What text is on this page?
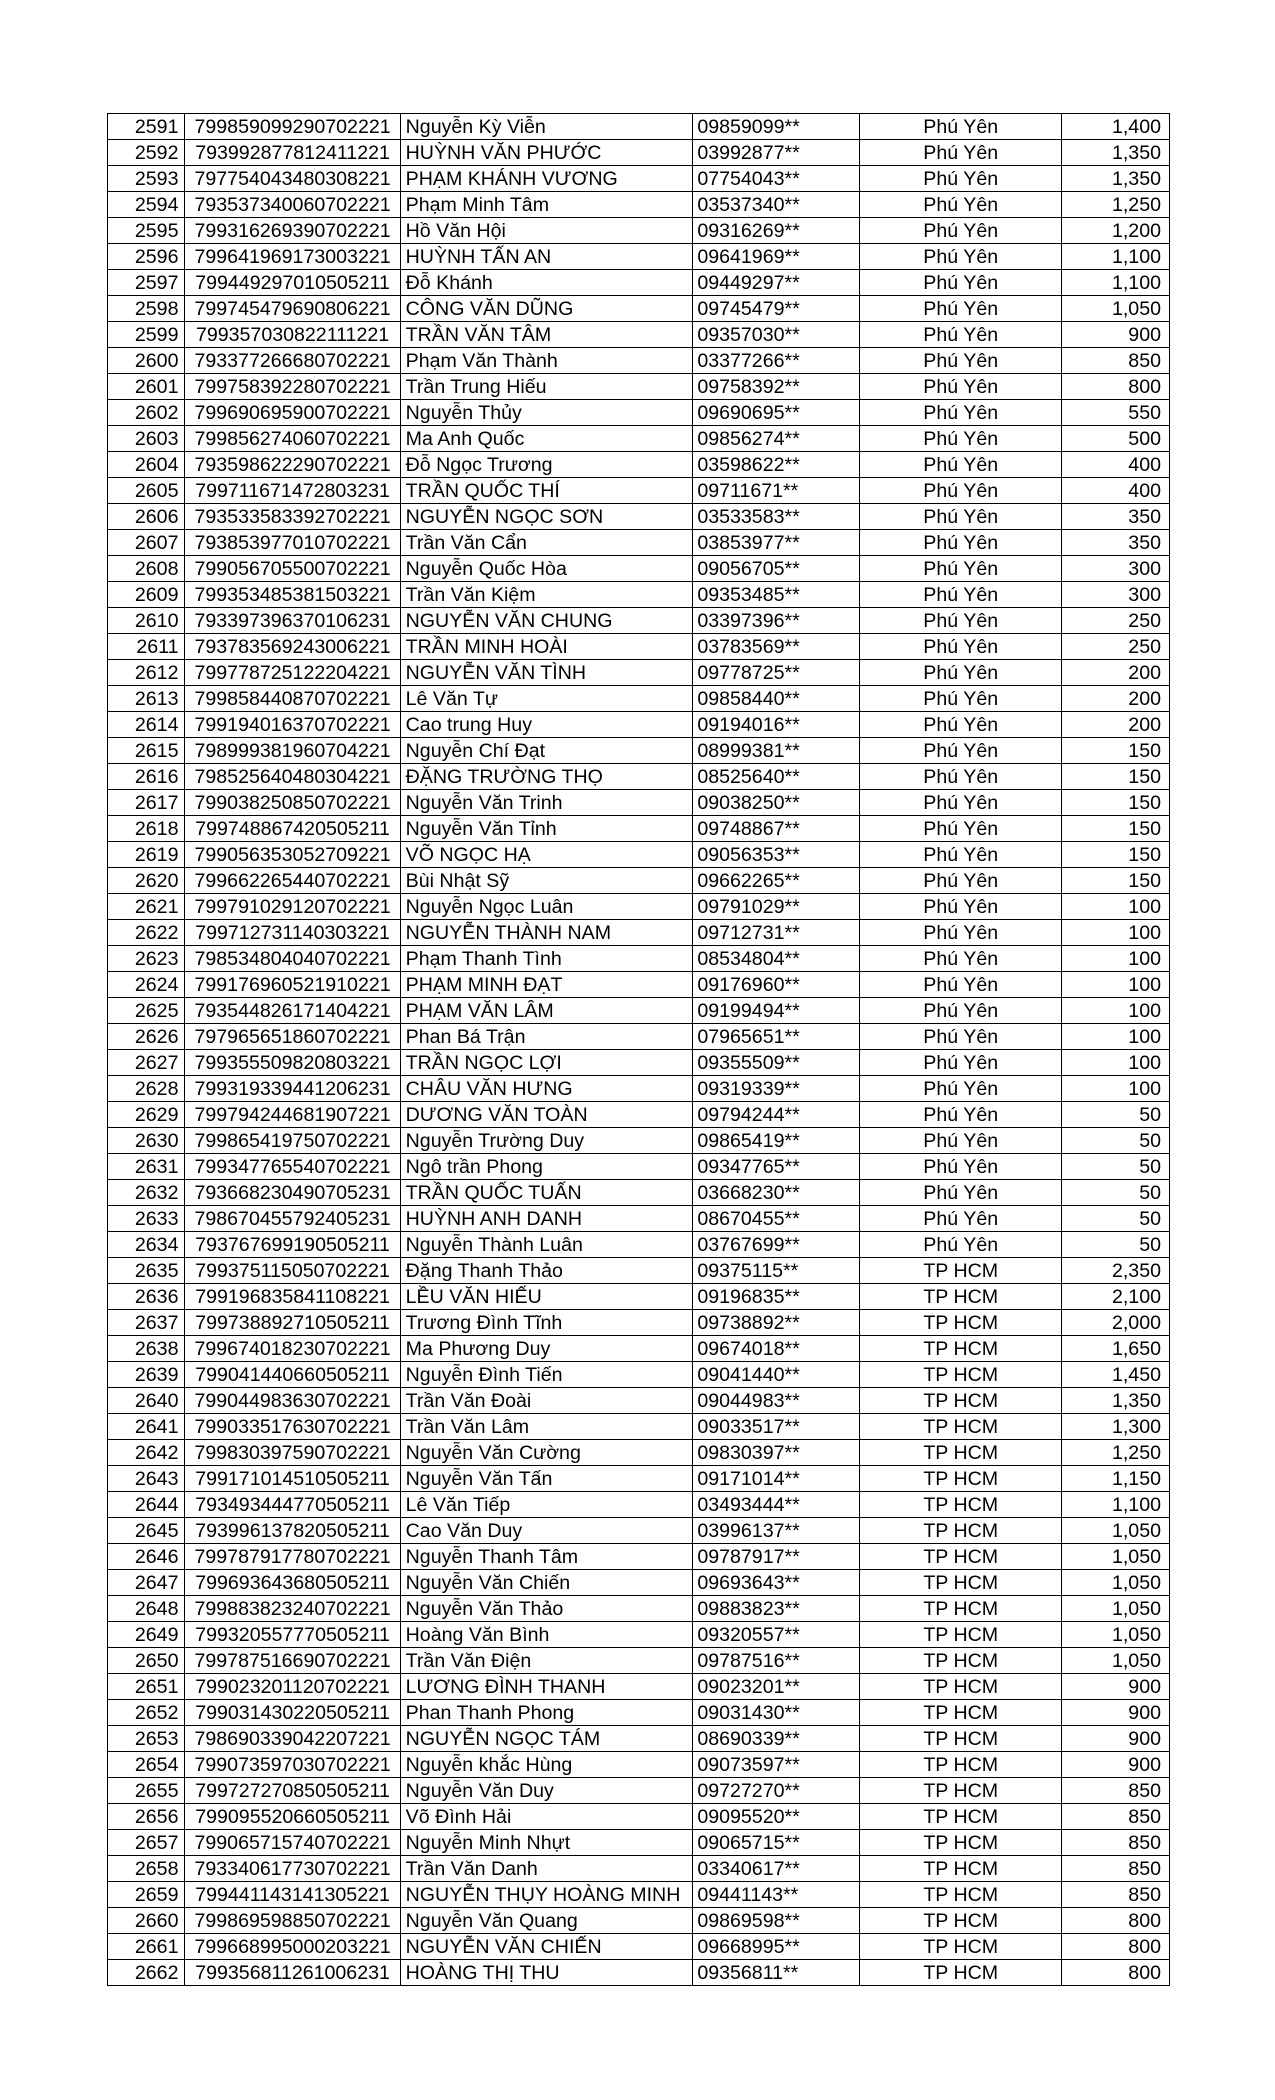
2591	799859099290702221	Nguyễn Kỳ Viễn	09859099**	Phú Yên	1,400
2592	793992877812411221	HUỲNH VĂN PHƯỚC	03992877**	Phú Yên	1,350
2593	797754043480308221	PHẠM KHÁNH VƯƠNG	07754043**	Phú Yên	1,350
2594	793537340060702221	Phạm Minh Tâm	03537340**	Phú Yên	1,250
2595	799316269390702221	Hồ Văn Hội	09316269**	Phú Yên	1,200
2596	799641969173003221	HUỲNH TẤN AN	09641969**	Phú Yên	1,100
2597	799449297010505211	Đỗ Khánh	09449297**	Phú Yên	1,100
2598	799745479690806221	CÔNG VĂN DŨNG	09745479**	Phú Yên	1,050
2599	799357030822111221	TRẦN VĂN TÂM	09357030**	Phú Yên	900
2600	793377266680702221	Phạm Văn Thành	03377266**	Phú Yên	850
2601	799758392280702221	Trần Trung Hiếu	09758392**	Phú Yên	800
2602	799690695900702221	Nguyễn Thủy	09690695**	Phú Yên	550
2603	799856274060702221	Ma Anh Quốc	09856274**	Phú Yên	500
2604	793598622290702221	Đỗ Ngọc Trương	03598622**	Phú Yên	400
2605	799711671472803231	TRẦN QUỐC THÍ	09711671**	Phú Yên	400
2606	793533583392702221	NGUYỄN NGỌC SƠN	03533583**	Phú Yên	350
2607	793853977010702221	Trần Văn Cẩn	03853977**	Phú Yên	350
2608	799056705500702221	Nguyễn Quốc Hòa	09056705**	Phú Yên	300
2609	799353485381503221	Trần Văn Kiệm	09353485**	Phú Yên	300
2610	793397396370106231	NGUYỄN VĂN CHUNG	03397396**	Phú Yên	250
2611	793783569243006221	TRẦN MINH HOÀI	03783569**	Phú Yên	250
2612	799778725122204221	NGUYỄN VĂN TÌNH	09778725**	Phú Yên	200
2613	799858440870702221	Lê Văn Tự	09858440**	Phú Yên	200
2614	799194016370702221	Cao trung Huy	09194016**	Phú Yên	200
2615	798999381960704221	Nguyễn Chí Đạt	08999381**	Phú Yên	150
2616	798525640480304221	ĐẶNG TRƯỜNG THỌ	08525640**	Phú Yên	150
2617	799038250850702221	Nguyễn Văn Trinh	09038250**	Phú Yên	150
2618	799748867420505211	Nguyễn Văn Tỉnh	09748867**	Phú Yên	150
2619	799056353052709221	VÕ NGỌC HẠ	09056353**	Phú Yên	150
2620	799662265440702221	Bùi Nhật Sỹ	09662265**	Phú Yên	150
2621	799791029120702221	Nguyễn Ngọc Luân	09791029**	Phú Yên	100
2622	799712731140303221	NGUYỄN THÀNH NAM	09712731**	Phú Yên	100
2623	798534804040702221	Phạm Thanh Tình	08534804**	Phú Yên	100
2624	799176960521910221	PHẠM MINH ĐẠT	09176960**	Phú Yên	100
2625	793544826171404221	PHẠM VĂN LÂM	09199494**	Phú Yên	100
2626	797965651860702221	Phan Bá Trận	07965651**	Phú Yên	100
2627	799355509820803221	TRẦN NGỌC LỢI	09355509**	Phú Yên	100
2628	799319339441206231	CHÂU VĂN HƯNG	09319339**	Phú Yên	100
2629	799794244681907221	DƯƠNG VĂN TOÀN	09794244**	Phú Yên	50
2630	799865419750702221	Nguyễn Trường Duy	09865419**	Phú Yên	50
2631	799347765540702221	Ngô trần Phong	09347765**	Phú Yên	50
2632	793668230490705231	TRẦN QUỐC TUẤN	03668230**	Phú Yên	50
2633	798670455792405231	HUỲNH ANH DANH	08670455**	Phú Yên	50
2634	793767699190505211	Nguyễn Thành Luân	03767699**	Phú Yên	50
2635	799375115050702221	Đặng Thanh Thảo	09375115**	TP HCM	2,350
2636	799196835841108221	LỀU VĂN HIẾU	09196835**	TP HCM	2,100
2637	799738892710505211	Trương Đình Tĩnh	09738892**	TP HCM	2,000
2638	799674018230702221	Ma Phương Duy	09674018**	TP HCM	1,650
2639	799041440660505211	Nguyễn Đình Tiến	09041440**	TP HCM	1,450
2640	799044983630702221	Trần Văn Đoài	09044983**	TP HCM	1,350
2641	799033517630702221	Trần Văn Lâm	09033517**	TP HCM	1,300
2642	799830397590702221	Nguyễn Văn Cường	09830397**	TP HCM	1,250
2643	799171014510505211	Nguyễn Văn Tấn	09171014**	TP HCM	1,150
2644	793493444770505211	Lê Văn Tiếp	03493444**	TP HCM	1,100
2645	793996137820505211	Cao Văn Duy	03996137**	TP HCM	1,050
2646	799787917780702221	Nguyễn Thanh Tâm	09787917**	TP HCM	1,050
2647	799693643680505211	Nguyễn Văn Chiến	09693643**	TP HCM	1,050
2648	799883823240702221	Nguyễn Văn Thảo	09883823**	TP HCM	1,050
2649	799320557770505211	Hoàng Văn Bình	09320557**	TP HCM	1,050
2650	799787516690702221	Trần Văn Điện	09787516**	TP HCM	1,050
2651	799023201120702221	LƯƠNG ĐÌNH THANH	09023201**	TP HCM	900
2652	799031430220505211	Phan Thanh Phong	09031430**	TP HCM	900
2653	798690339042207221	NGUYỄN NGỌC TÁM	08690339**	TP HCM	900
2654	799073597030702221	Nguyễn khắc Hùng	09073597**	TP HCM	900
2655	799727270850505211	Nguyễn Văn Duy	09727270**	TP HCM	850
2656	799095520660505211	Võ Đình Hải	09095520**	TP HCM	850
2657	799065715740702221	Nguyễn Minh Nhựt	09065715**	TP HCM	850
2658	793340617730702221	Trần Văn Danh	03340617**	TP HCM	850
2659	799441143141305221	NGUYỄN THỤY HOÀNG MINH	09441143**	TP HCM	850
2660	799869598850702221	Nguyễn Văn Quang	09869598**	TP HCM	800
2661	799668995000203221	NGUYỄN VĂN CHIẾN	09668995**	TP HCM	800
2662	799356811261006231	HOÀNG THỊ THU	09356811**	TP HCM	800
